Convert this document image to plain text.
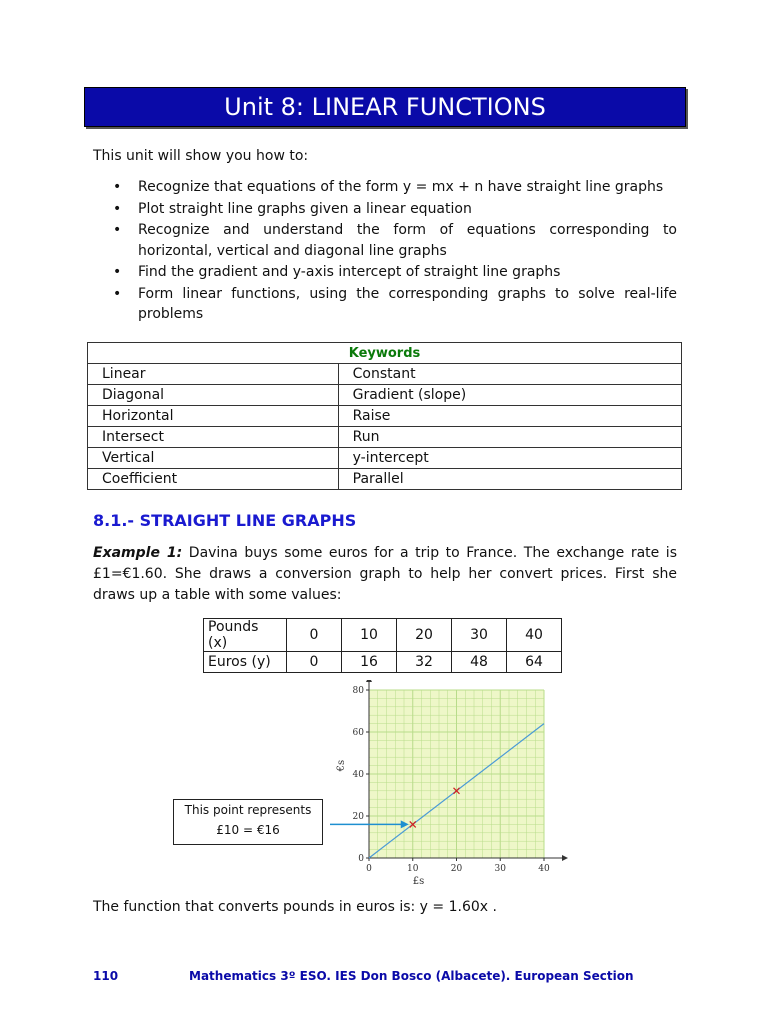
Unit 8: LINEAR FUNCTIONS
This unit will show you how to:
• Recognize that equations of the form y = mx + n have straight line graphs
• Plot straight line graphs given a linear equation
• Recognize and understand the form of equations corresponding to horizontal, vertical and diagonal line graphs
• Find the gradient and y-axis intercept of straight line graphs
• Form linear functions, using the corresponding graphs to solve real-life problems
Keywords	
Linear	Constant
Diagonal	Gradient (slope)
Horizontal	Raise
Intersect	Run
Vertical	y-intercept
Coefficient	Parallel
8.1.- STRAIGHT LINE GRAPHS
Example 1: Davina buys some euros for a trip to France. The exchange rate is £1=€1.60. She draws a conversion graph to help her convert prices. First she draws up a table with some values:
Pounds (x)	0	10	20	30	40
Euros (y)	0	16	32	48	64
0	10	20	30	40
0
20
40
60
80
£s
€s
This point represents
£10 = €16
The function that converts pounds in euros is: y = 1.60x .
110	Mathematics 3º ESO. IES Don Bosco (Albacete). European Section
